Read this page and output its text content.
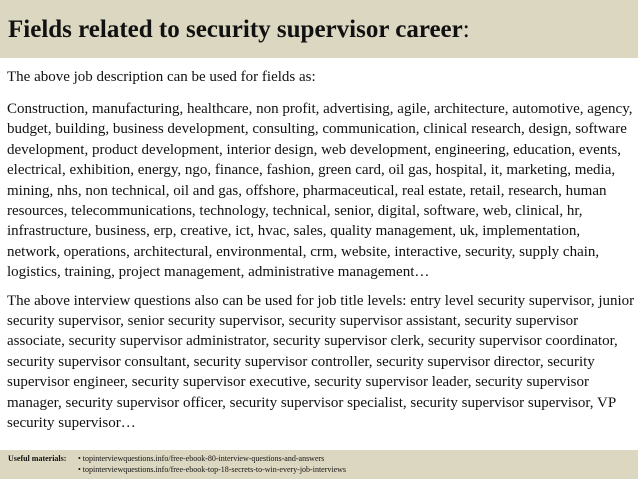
Fields related to security supervisor career:

The above job description can be used for fields as:

Construction, manufacturing, healthcare, non profit, advertising, agile, architecture, automotive, agency, budget, building, business development, consulting, communication, clinical research, design, software development, product development, interior design, web development, engineering, education, events, electrical, exhibition, energy, ngo, finance, fashion, green card, oil gas, hospital, it, marketing, media, mining, nhs, non technical, oil and gas, offshore, pharmaceutical, real estate, retail, research, human resources, telecommunications, technology, technical, senior, digital, software, web, clinical, hr, infrastructure, business, erp, creative, ict, hvac, sales, quality management, uk, implementation, network, operations, architectural, environmental, crm, website, interactive, security, supply chain, logistics, training, project management, administrative management…

The above interview questions also can be used for job title levels: entry level security supervisor, junior security supervisor, senior security supervisor, security supervisor assistant, security supervisor associate, security supervisor administrator, security supervisor clerk, security supervisor coordinator, security supervisor consultant, security supervisor controller, security supervisor director, security supervisor engineer, security supervisor executive, security supervisor leader, security supervisor manager, security supervisor officer, security supervisor specialist, security supervisor supervisor, VP security supervisor…

Useful materials: • topinterviewquestions.info/free-ebook-80-interview-questions-and-answers
• topinterviewquestions.info/free-ebook-top-18-secrets-to-win-every-job-interviews
